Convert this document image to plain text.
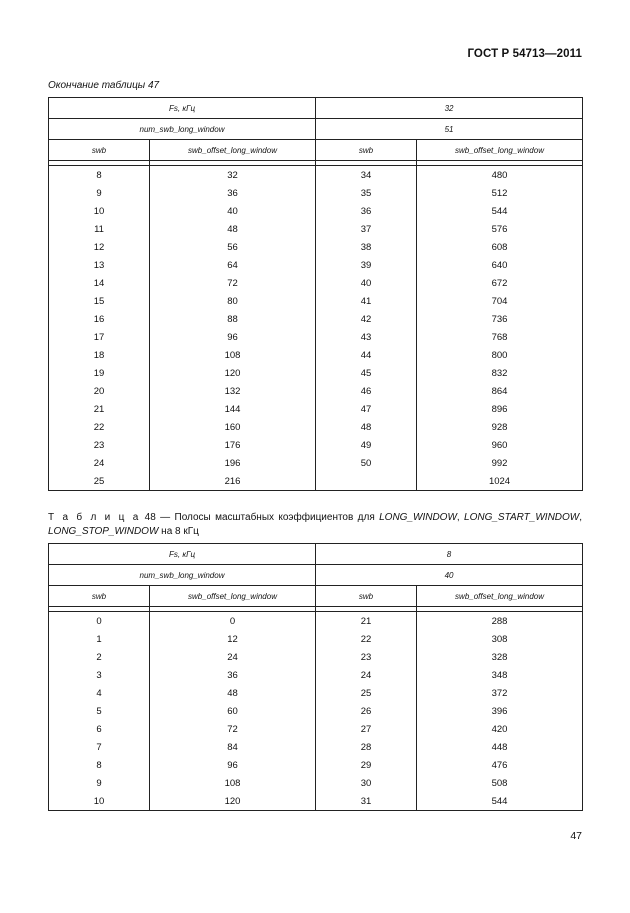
ГОСТ Р 54713—2011
Окончание таблицы 47
Fs, кГц		32	
num_swb_long_window		51	
swb	swb_offset_long_window	swb	swb_offset_long_window

8	32	34	480
9	36	35	512
10	40	36	544
11	48	37	576
12	56	38	608
13	64	39	640
14	72	40	672
15	80	41	704
16	88	42	736
17	96	43	768
18	108	44	800
19	120	45	832
20	132	46	864
21	144	47	896
22	160	48	928
23	176	49	960
24	196	50	992
25	216		1024
Т а б л и ц а 48 — Полосы масштабных коэффициентов для LONG_WINDOW, LONG_START_WINDOW, LONG_STOP_WINDOW на 8 кГц
Fs, кГц		8	
num_swb_long_window		40	
swb	swb_offset_long_window	swb	swb_offset_long_window

0	0	21	288
1	12	22	308
2	24	23	328
3	36	24	348
4	48	25	372
5	60	26	396
6	72	27	420
7	84	28	448
8	96	29	476
9	108	30	508
10	120	31	544
47
